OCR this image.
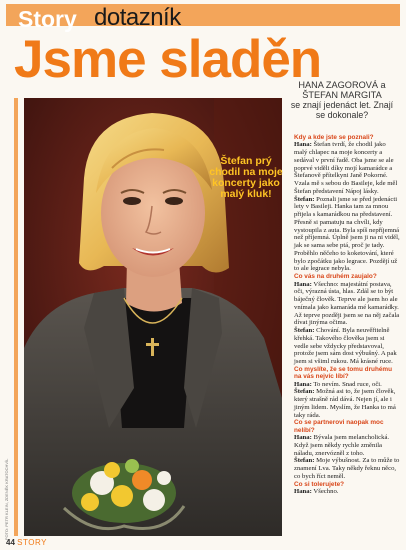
Story dotazník
Jsme sladěn
FOTO: PETR KLEIN, ZDENĚK KRATOCHVÍL
Štefan prý chodil na moje koncerty jako malý kluk!
HANA ZAGOROVÁ a ŠTEFAN MARGITA
se znají jedenáct let. Znají se dokonale?

Kdy a kde jste se poznali?

Hana: Štefan tvrdí, že chodil jako malý chlapec na moje koncerty a sedával v první řadě. Oba jsme se ale poprvé viděli díky mojí kamarádce a Štefanově přítelkyni Janě Pokorné. Vzala mě s sebou do Basileje, kde měl Štefan představení Nápoj lásky.

Štefan: Poznali jsme se před jedenácti lety v Basileji. Hanka tam za mnou přijela s kamarádkou na představení. Přesně si pamatuju na chvíli, kdy vystoupila z auta. Byla spíš nepříjemná než příjemná. Úplně jsem ji na ni viděl, jak se sama sebe ptá, proč je tady. Proběhlo něčeho to koketování, které bylo zpočátku jako legrace. Pozdějí už to ale legrace nebyla.

Co vás na druhém zaujalo?

Hana: Všechno: majestátní postava, oči, výrazná ústa, hlas. Zdál se to být báječný člověk. Teprve ale jsem ho ale vnímala jako kamaráda mé kamarádky. Až teprve později jsem se na něj začala dívat jinýma očima.

Štefan: Chování. Byla neuvěřitelně křehká. Takového člověka jsem si vedle sebe vždycky představoval, protože jsem sám dost výbušný. A pak jsem si všiml rukou. Má krásné ruce.

Co myslíte, že se tomu druhému na vás nejvíc líbí?

Hana: To nevím. Snad ruce, oči.

Štefan: Možná asi to, že jsem člověk, který strašně rád dává. Nejen jí, ale i jiným lidem. Myslím, že Hanka to má taky ráda.

Co se partnerovi naopak moc nelíbí?

Hana: Bývala jsem melancholická. Když jsem někdy rychle změnila náladu, znervózněl z toho.

Štefan: Moje výbušnost. Za to může to znamení Lva. Taky někdy řeknu něco, co bych říct neměl.

Co si tolerujete?

Hana: Všechno.

44 STORY
